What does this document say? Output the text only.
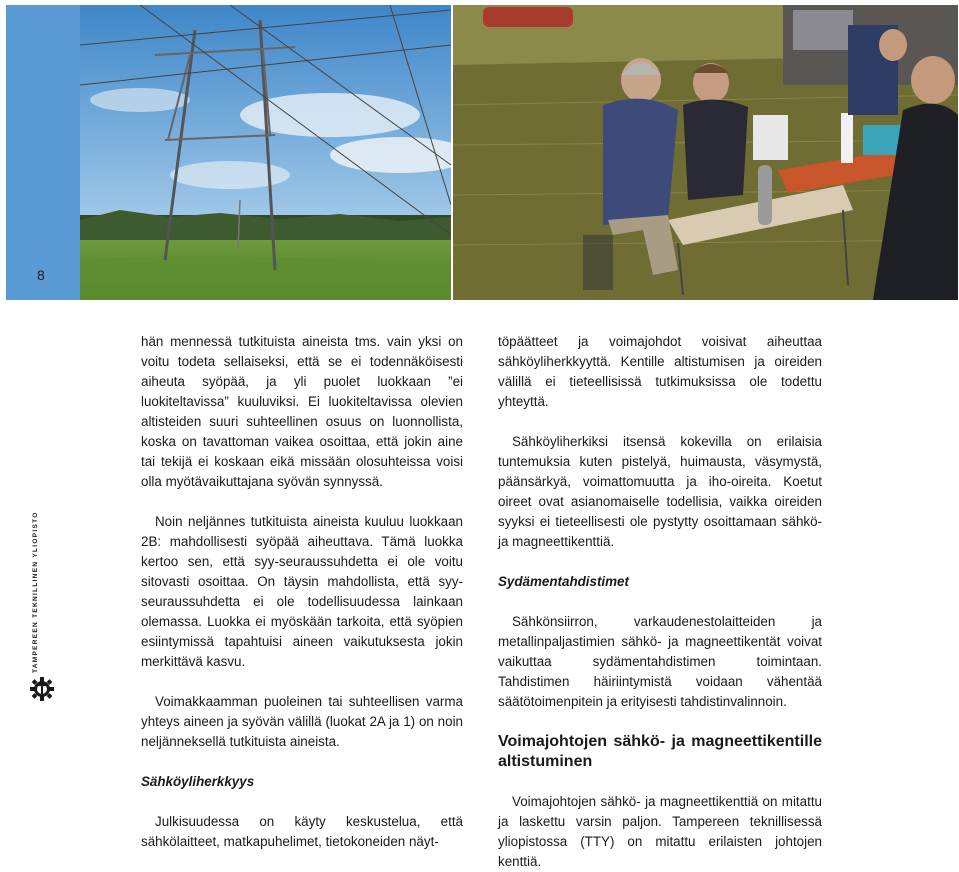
8
TAMPEREEN TEKNILLINEN YLIOPISTO

hän mennessä tutkituista aineista tms. vain yksi on voitu todeta sellaiseksi, että se ei todennäköisesti aiheuta syöpää, ja yli puolet luokkaan ”ei luokiteltavissa” kuuluviksi. Ei luokiteltavissa olevien altisteiden suuri suhteellinen osuus on luonnollista, koska on tavattoman vaikea osoittaa, että jokin aine tai tekijä ei koskaan eikä missään olosuhteissa voisi olla myötävaikuttajana syövän synnyssä.

Noin neljännes tutkituista aineista kuuluu luokkaan 2B: mahdollisesti syöpää aiheuttava. Tämä luokka kertoo sen, että syy-seuraussuhdetta ei ole voitu sitovasti osoittaa. On täysin mahdollista, että syy-seuraussuhdetta ei ole todellisuudessa lainkaan olemassa. Luokka ei myöskään tarkoita, että syöpien esiintymissä tapahtuisi aineen vaikutuksesta jokin merkittävä kasvu.

Voimakkaamman puoleinen tai suhteellisen varma yhteys aineen ja syövän välillä (luokat 2A ja 1) on noin neljänneksellä tutkituista aineista.

Sähköyliherkkyys

Julkisuudessa on käyty keskustelua, että sähkölaitteet, matkapuhelimet, tietokoneiden näyt-

töpäätteet ja voimajohdot voisivat aiheuttaa sähköyliherkkyyttä. Kentille altistumisen ja oireiden välillä ei tieteellisissä tutkimuksissa ole todettu yhteyttä.

Sähköyliherkiksi itsensä kokevilla on erilaisia tuntemuksia kuten pistelyä, huimausta, väsymystä, päänsärkyä, voimattomuutta ja iho-oireita. Koetut oireet ovat asianomaiselle todellisia, vaikka oireiden syyksi ei tieteellisesti ole pystytty osoittamaan sähkö- ja magneettikenttiä.

Sydämentahdistimet

Sähkönsiirron, varkaudenestolaitteiden ja metallinpaljastimien sähkö- ja magneettikentät voivat vaikuttaa sydämentahdistimen toimintaan. Tahdistimen häiriintymistä voidaan vähentää säätötoimenpitein ja erityisesti tahdistinvalinnoin.

Voimajohtojen sähkö- ja magneettikentille altistuminen

Voimajohtojen sähkö- ja magneettikenttiä on mitattu ja laskettu varsin paljon. Tampereen teknillisessä yliopistossa (TTY) on mitattu erilaisten johtojen kenttiä.
